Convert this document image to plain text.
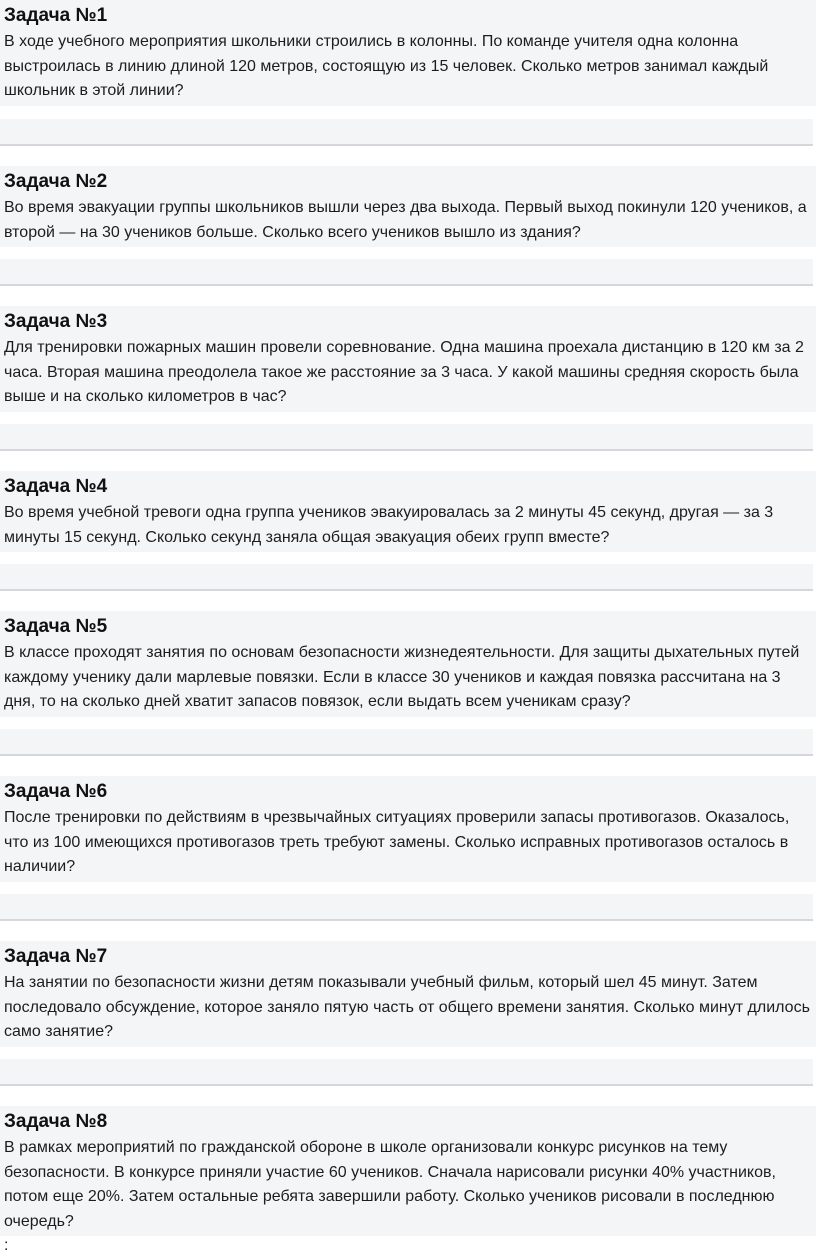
Задача №1

В ходе учебного мероприятия школьники строились в колонны. По команде учителя одна колонна выстроилась в линию длиной 120 метров, состоящую из 15 человек. Сколько метров занимал каждый школьник в этой линии?

Задача №2

Во время эвакуации группы школьников вышли через два выхода. Первый выход покинули 120 учеников, а второй — на 30 учеников больше. Сколько всего учеников вышло из здания?

Задача №3

Для тренировки пожарных машин провели соревнование. Одна машина проехала дистанцию в 120 км за 2 часа. Вторая машина преодолела такое же расстояние за 3 часа. У какой машины средняя скорость была выше и на сколько километров в час?

Задача №4

Во время учебной тревоги одна группа учеников эвакуировалась за 2 минуты 45 секунд, другая — за 3 минуты 15 секунд. Сколько секунд заняла общая эвакуация обеих групп вместе?

Задача №5

В классе проходят занятия по основам безопасности жизнедеятельности. Для защиты дыхательных путей каждому ученику дали марлевые повязки. Если в классе 30 учеников и каждая повязка рассчитана на 3 дня, то на сколько дней хватит запасов повязок, если выдать всем ученикам сразу?

Задача №6

После тренировки по действиям в чрезвычайных ситуациях проверили запасы противогазов. Оказалось, что из 100 имеющихся противогазов треть требуют замены. Сколько исправных противогазов осталось в наличии?

Задача №7

На занятии по безопасности жизни детям показывали учебный фильм, который шел 45 минут. Затем последовало обсуждение, которое заняло пятую часть от общего времени занятия. Сколько минут длилось само занятие?

Задача №8

В рамках мероприятий по гражданской обороне в школе организовали конкурс рисунков на тему безопасности. В конкурсе приняли участие 60 учеников. Сначала нарисовали рисунки 40% участников, потом еще 20%. Затем остальные ребята завершили работу. Сколько учеников рисовали в последнюю очередь?

:
